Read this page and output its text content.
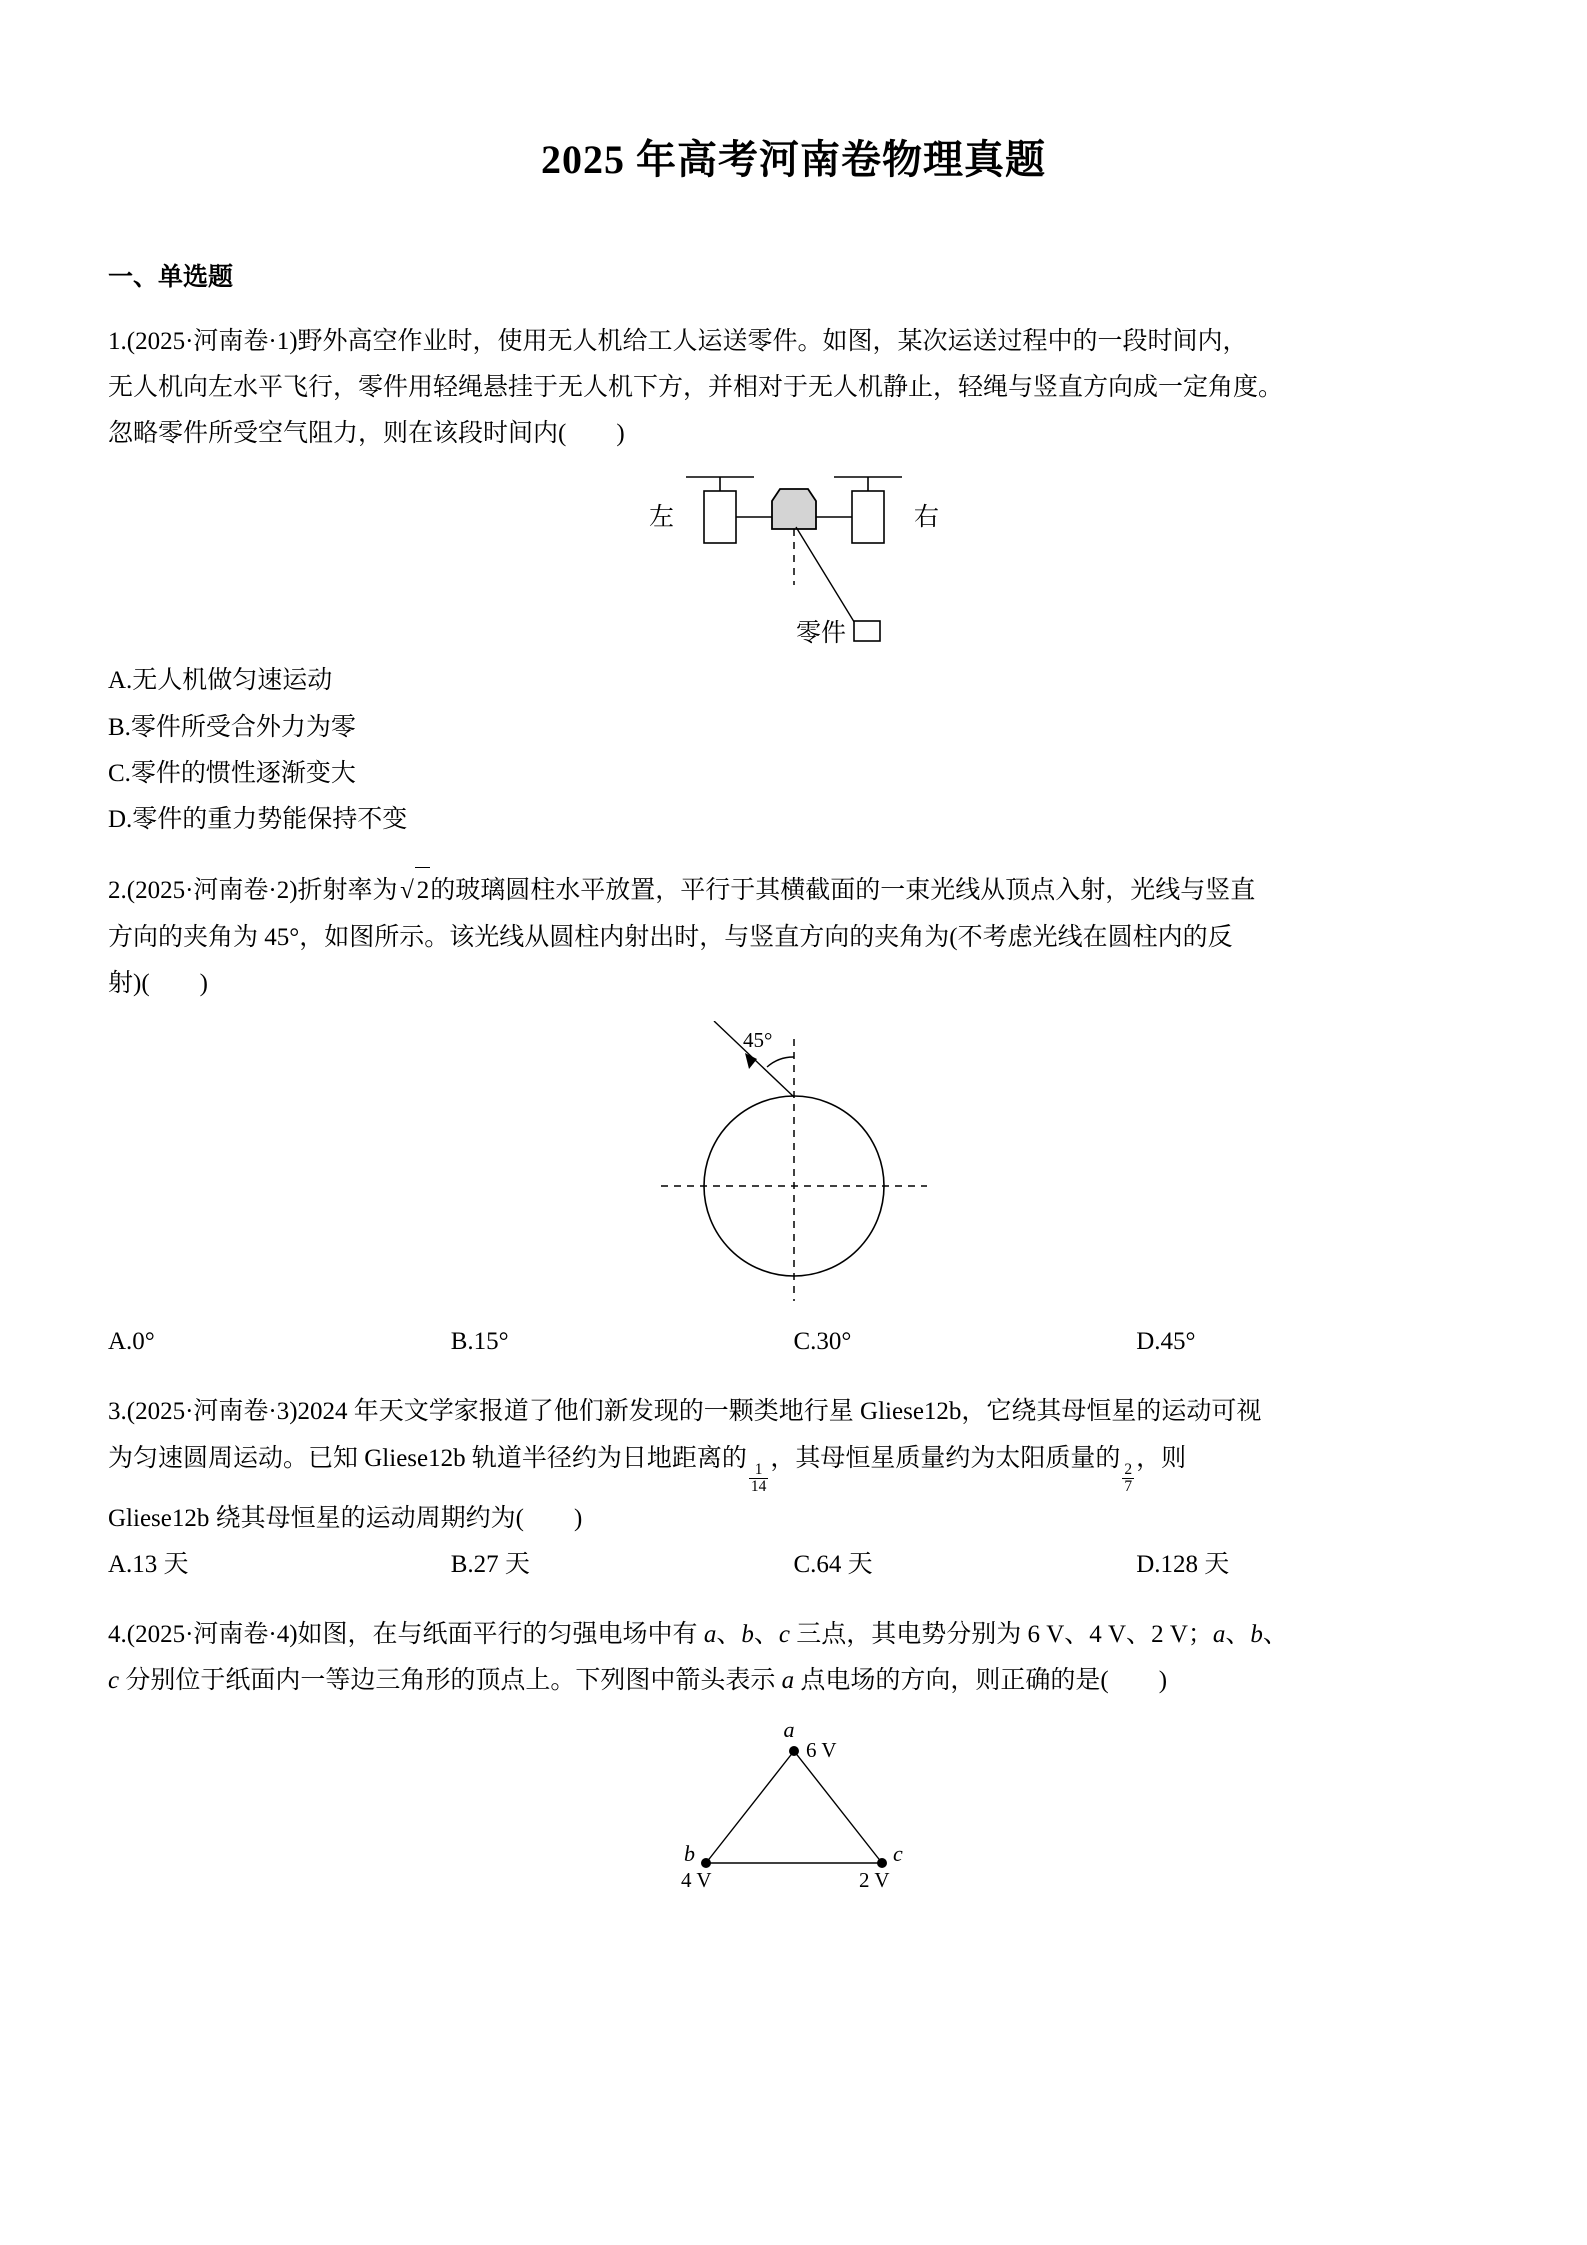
2025 年高考河南卷物理真题
一、单选题

1.(2025·河南卷·1)野外高空作业时，使用无人机给工人运送零件。如图，某次运送过程中的一段时间内，

无人机向左水平飞行，零件用轻绳悬挂于无人机下方，并相对于无人机静止，轻绳与竖直方向成一定角度。

忽略零件所受空气阻力，则在该段时间内(　　)

左	右
零件

A.无人机做匀速运动

B.零件所受合外力为零

C.零件的惯性逐渐变大

D.零件的重力势能保持不变

2.(2025·河南卷·2)折射率为 √ 2的玻璃圆柱水平放置，平行于其横截面的一束光线从顶点入射，光线与竖直

方向的夹角为 45°，如图所示。该光线从圆柱内射出时，与竖直方向的夹角为(不考虑光线在圆柱内的反

射)(　　)

45°
A.0°	B.15°	C.30°	D.45°

3.(2025·河南卷·3)2024 年天文学家报道了他们新发现的一颗类地行星 Gliese12b，它绕其母恒星的运动可视

为匀速圆周运动。已知 Gliese12b 轨道半径约为日地距离的
$\frac{1}{14}$
，其母恒星质量约为太阳质量的
$\frac{2}{7}$
，则

Gliese12b 绕其母恒星的运动周期约为(　　)

A.13 天	B.27 天	C.64 天	D.128 天

4.(2025·河南卷·4)如图，在与纸面平行的匀强电场中有 a、b、c 三点，其电势分别为 6 V、4 V、2 V；a、b、

c 分别位于纸面内一等边三角形的顶点上。下列图中箭头表示 a 点电场的方向，则正确的是(　　)

a
6 V
b
4 V
c
2 V
